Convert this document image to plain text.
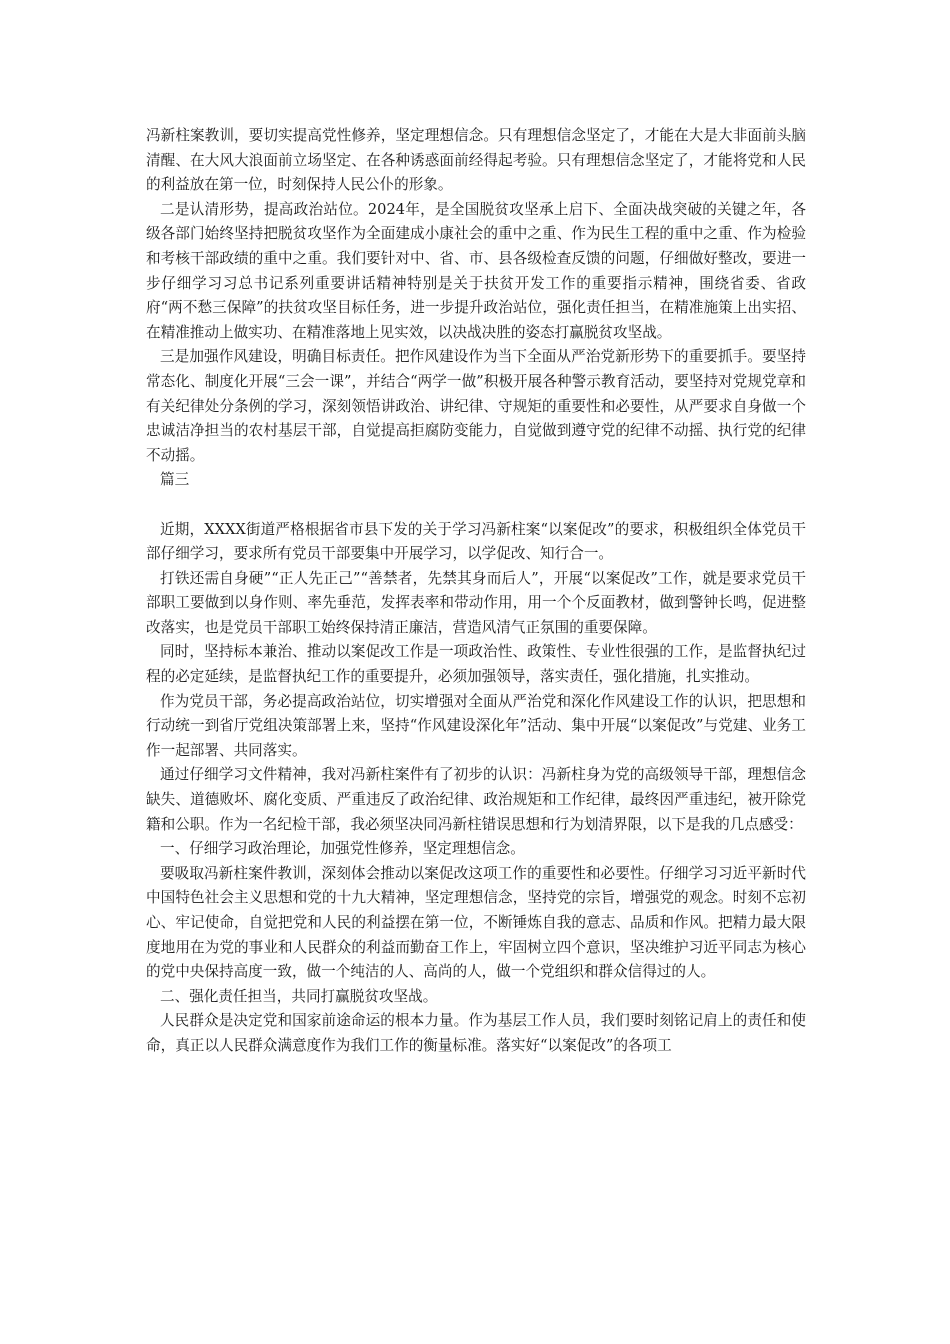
冯新柱案教训，要切实提高党性修养，坚定理想信念。只有理想信念坚定了，才能在大是大非面前头脑清醒、在大风大浪面前立场坚定、在各种诱惑面前经得起考验。只有理想信念坚定了，才能将党和人民的利益放在第一位，时刻保持人民公仆的形象。

二是认清形势，提高政治站位。2024年，是全国脱贫攻坚承上启下、全面决战突破的关键之年，各级各部门始终坚持把脱贫攻坚作为全面建成小康社会的重中之重、作为民生工程的重中之重、作为检验和考核干部政绩的重中之重。我们要针对中、省、市、县各级检查反馈的问题，仔细做好整改，要进一步仔细学习习总书记系列重要讲话精神特别是关于扶贫开发工作的重要指示精神，围绕省委、省政府“两不愁三保障”的扶贫攻坚目标任务，进一步提升政治站位，强化责任担当，在精准施策上出实招、在精准推动上做实功、在精准落地上见实效，以决战决胜的姿态打赢脱贫攻坚战。

三是加强作风建设，明确目标责任。把作风建设作为当下全面从严治党新形势下的重要抓手。要坚持常态化、制度化开展“三会一课”，并结合“两学一做”积极开展各种警示教育活动，要坚持对党规党章和有关纪律处分条例的学习，深刻领悟讲政治、讲纪律、守规矩的重要性和必要性，从严要求自身做一个忠诚洁净担当的农村基层干部，自觉提高拒腐防变能力，自觉做到遵守党的纪律不动摇、执行党的纪律不动摇。

篇三

近期，XXXX街道严格根据省市县下发的关于学习冯新柱案“以案促改”的要求，积极组织全体党员干部仔细学习，要求所有党员干部要集中开展学习，以学促改、知行合一。

打铁还需自身硬”“正人先正己”“善禁者，先禁其身而后人”，开展“以案促改”工作，就是要求党员干部职工要做到以身作则、率先垂范，发挥表率和带动作用，用一个个反面教材，做到警钟长鸣，促进整改落实，也是党员干部职工始终保持清正廉洁，营造风清气正氛围的重要保障。

同时，坚持标本兼治、推动以案促改工作是一项政治性、政策性、专业性很强的工作，是监督执纪过程的必定延续，是监督执纪工作的重要提升，必须加强领导，落实责任，强化措施，扎实推动。

作为党员干部，务必提高政治站位，切实增强对全面从严治党和深化作风建设工作的认识，把思想和行动统一到省厅党组决策部署上来，坚持“作风建设深化年”活动、集中开展“以案促改”与党建、业务工作一起部署、共同落实。

通过仔细学习文件精神，我对冯新柱案件有了初步的认识：冯新柱身为党的高级领导干部，理想信念缺失、道德败坏、腐化变质、严重违反了政治纪律、政治规矩和工作纪律，最终因严重违纪，被开除党籍和公职。作为一名纪检干部，我必须坚决同冯新柱错误思想和行为划清界限，以下是我的几点感受：

一、仔细学习政治理论，加强党性修养，坚定理想信念。

要吸取冯新柱案件教训，深刻体会推动以案促改这项工作的重要性和必要性。仔细学习习近平新时代中国特色社会主义思想和党的十九大精神，坚定理想信念，坚持党的宗旨，增强党的观念。时刻不忘初心、牢记使命，自觉把党和人民的利益摆在第一位，不断锤炼自我的意志、品质和作风。把精力最大限度地用在为党的事业和人民群众的利益而勤奋工作上，牢固树立四个意识，坚决维护习近平同志为核心的党中央保持高度一致，做一个纯洁的人、高尚的人，做一个党组织和群众信得过的人。

二、强化责任担当，共同打赢脱贫攻坚战。

人民群众是决定党和国家前途命运的根本力量。作为基层工作人员，我们要时刻铭记肩上的责任和使命，真正以人民群众满意度作为我们工作的衡量标准。落实好“以案促改”的各项工
